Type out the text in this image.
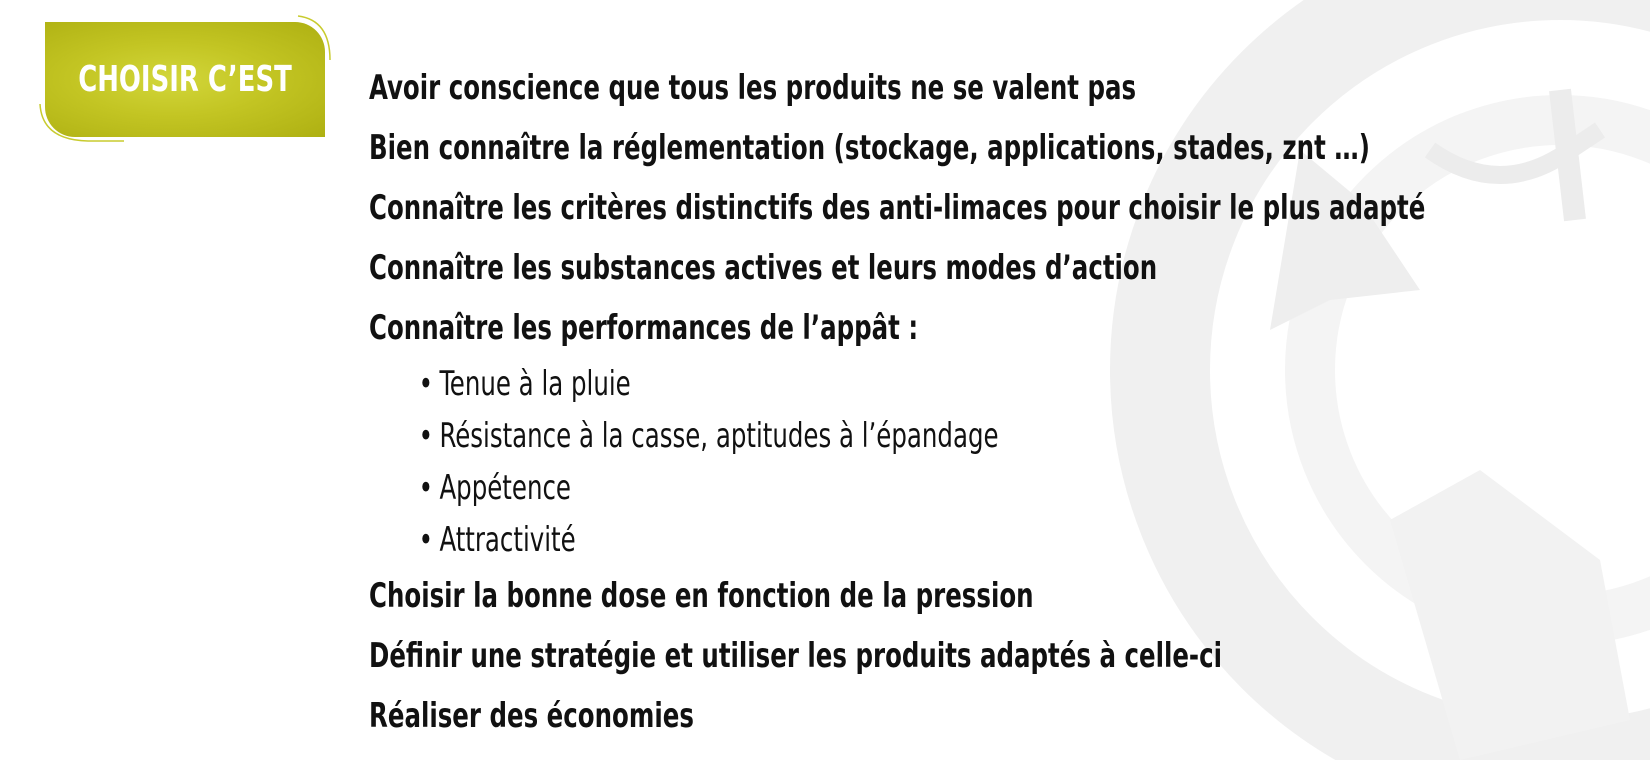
CHOISIR C’EST Avoir conscience que tous les produits ne se valent pas
Bien connaître la réglementation (stockage, applications, stades, znt …)
Connaître les critères distinctifs des anti-limaces pour choisir le plus adapté
Connaître les substances actives et leurs modes d’action
Connaître les performances de l’appât :
• Tenue à la pluie
• Résistance à la casse, aptitudes à l’épandage
• Appétence
• Attractivité
Choisir la bonne dose en fonction de la pression
Définir une stratégie et utiliser les produits adaptés à celle-ci
Réaliser des économies
